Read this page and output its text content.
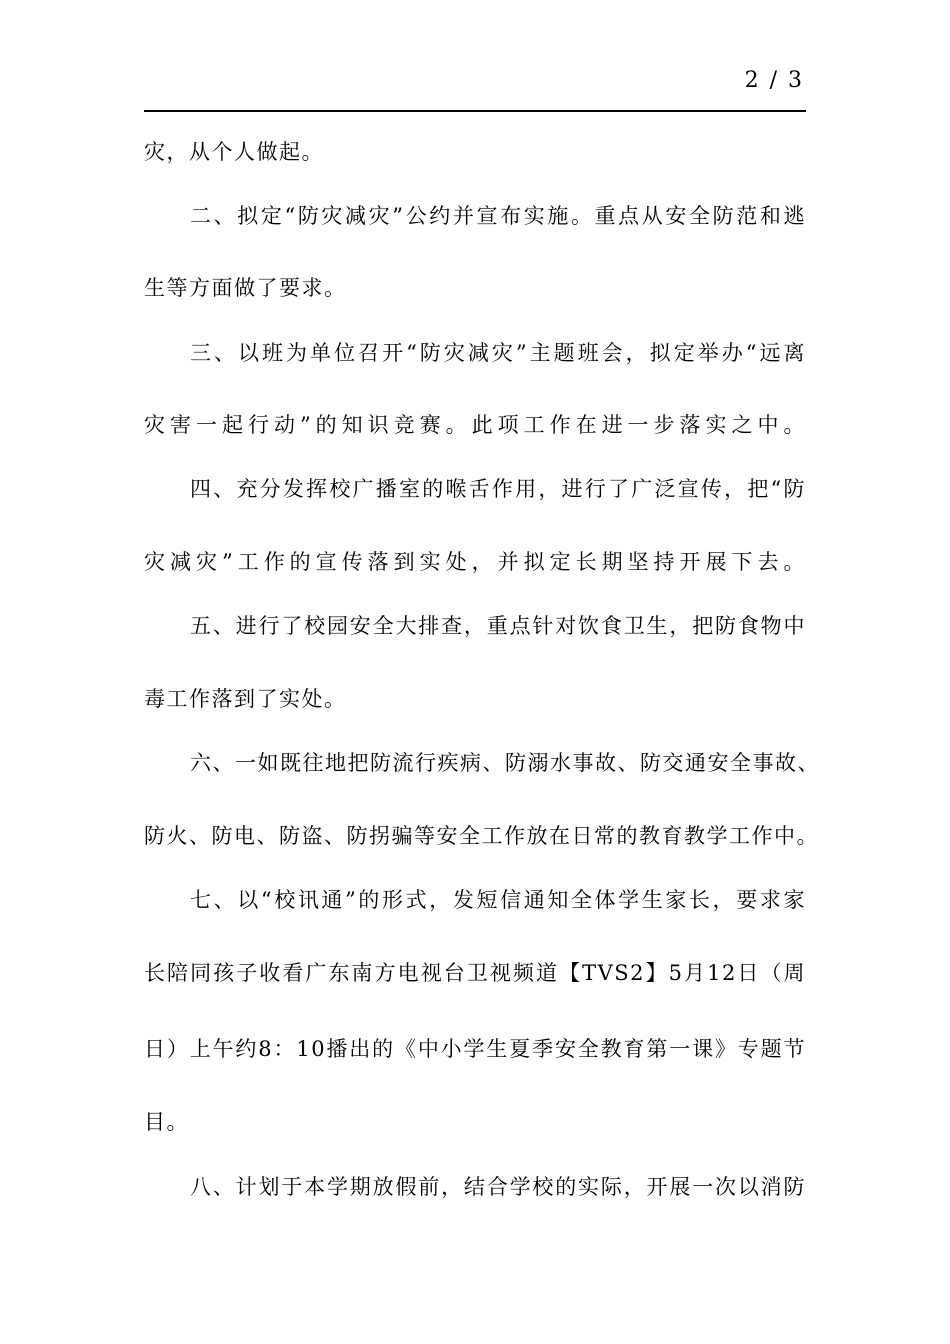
2 / 3
灾，从个人做起。
二、拟定“防灾减灾”公约并宣布实施。重点从安全防范和逃
生等方面做了要求。
三、以班为单位召开“防灾减灾”主题班会，拟定举办“远离
灾害一起行动”的知识竞赛。此项工作在进一步落实之中。
四、充分发挥校广播室的喉舌作用，进行了广泛宣传，把“防
灾减灾”工作的宣传落到实处，并拟定长期坚持开展下去。
五、进行了校园安全大排查，重点针对饮食卫生，把防食物中
毒工作落到了实处。
六、一如既往地把防流行疾病、防溺水事故、防交通安全事故、
防火、防电、防盗、防拐骗等安全工作放在日常的教育教学工作中。
七、以“校讯通”的形式，发短信通知全体学生家长，要求家
长陪同孩子收看广东南方电视台卫视频道【TVS2】5月12日（周
日）上午约8：10播出的《中小学生夏季安全教育第一课》专题节
目。
八、计划于本学期放假前，结合学校的实际，开展一次以消防
